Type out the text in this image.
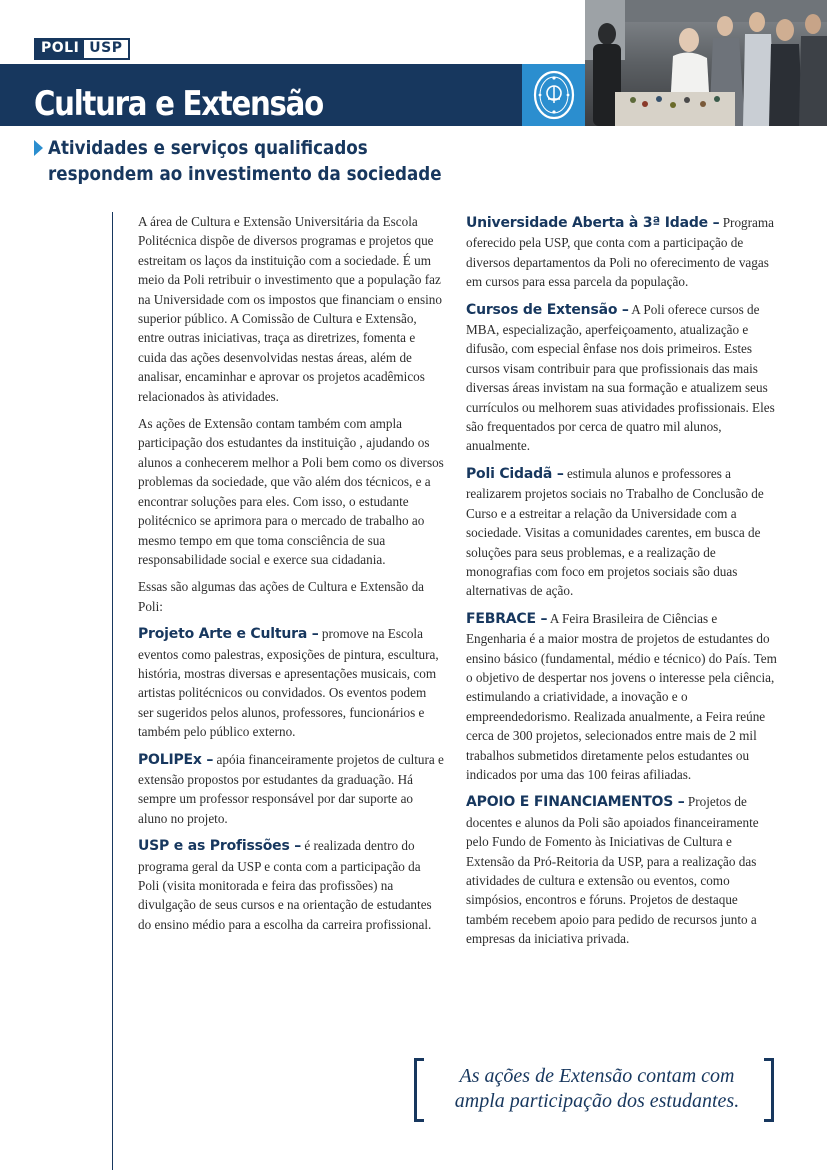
POLI USP
Cultura e Extensão
Atividades e serviços qualificados
respondem ao investimento da sociedade

A área de Cultura e Extensão Universitária da Escola Politécnica dispõe de diversos programas e projetos que estreitam os laços da instituição com a sociedade. É um meio da Poli retribuir o investimento que a população faz na Universidade com os impostos que financiam o ensino superior público. A Comissão de Cultura e Extensão, entre outras iniciativas, traça as diretrizes, fomenta e cuida das ações desenvolvidas nestas áreas, além de analisar, encaminhar e aprovar os projetos acadêmicos relacionados às atividades.

As ações de Extensão contam também com ampla participação dos estudantes da instituição , ajudando os alunos a conhecerem melhor a Poli bem como os diversos problemas da sociedade, que vão além dos técnicos, e a encontrar soluções para eles. Com isso, o estudante politécnico se aprimora para o mercado de trabalho ao mesmo tempo em que toma consciência de sua responsabilidade social e exerce sua cidadania.

Essas são algumas das ações de Cultura e Extensão da Poli:

Projeto Arte e Cultura – promove na Escola eventos como palestras, exposições de pintura, escultura, história, mostras diversas e apresentações musicais, com artistas politécnicos ou convidados. Os eventos podem ser sugeridos pelos alunos, professores, funcionários e também pelo público externo.

POLIPEx – apóia financeiramente projetos de cultura e extensão propostos por estudantes da graduação. Há sempre um professor responsável por dar suporte ao aluno no projeto.

USP e as Profissões – é realizada dentro do programa geral da USP e conta com a participação da Poli (visita monitorada e feira das profissões) na divulgação de seus cursos e na orientação de estudantes do ensino médio para a escolha da carreira profissional.

Universidade Aberta à 3ª Idade – Programa oferecido pela USP, que conta com a participação de diversos departamentos da Poli no oferecimento de vagas em cursos para essa parcela da população.

Cursos de Extensão – A Poli oferece cursos de MBA, especialização, aperfeiçoamento, atualização e difusão, com especial ênfase nos dois primeiros. Estes cursos visam contribuir para que profissionais das mais diversas áreas invistam na sua formação e atualizem seus currículos ou melhorem suas atividades profissionais. Eles são frequentados por cerca de quatro mil alunos, anualmente.

Poli Cidadã – estimula alunos e professores a realizarem projetos sociais no Trabalho de Conclusão de Curso e a estreitar a relação da Universidade com a sociedade. Visitas a comunidades carentes, em busca de soluções para seus problemas, e a realização de monografias com foco em projetos sociais são duas alternativas de ação.

FEBRACE – A Feira Brasileira de Ciências e Engenharia é a maior mostra de projetos de estudantes do ensino básico (fundamental, médio e técnico) do País. Tem o objetivo de despertar nos jovens o interesse pela ciência, estimulando a criatividade, a inovação e o empreendedorismo. Realizada anualmente, a Feira reúne cerca de 300 projetos, selecionados entre mais de 2 mil trabalhos submetidos diretamente pelos estudantes ou indicados por uma das 100 feiras afiliadas.

APOIO E FINANCIAMENTOS – Projetos de docentes e alunos da Poli são apoiados financeiramente pelo Fundo de Fomento às Iniciativas de Cultura e Extensão da Pró-Reitoria da USP, para a realização das atividades de cultura e extensão ou eventos, como simpósios, encontros e fóruns. Projetos de destaque também recebem apoio para pedido de recursos junto a empresas da iniciativa privada.

As ações de Extensão contam com
ampla participação dos estudantes.
